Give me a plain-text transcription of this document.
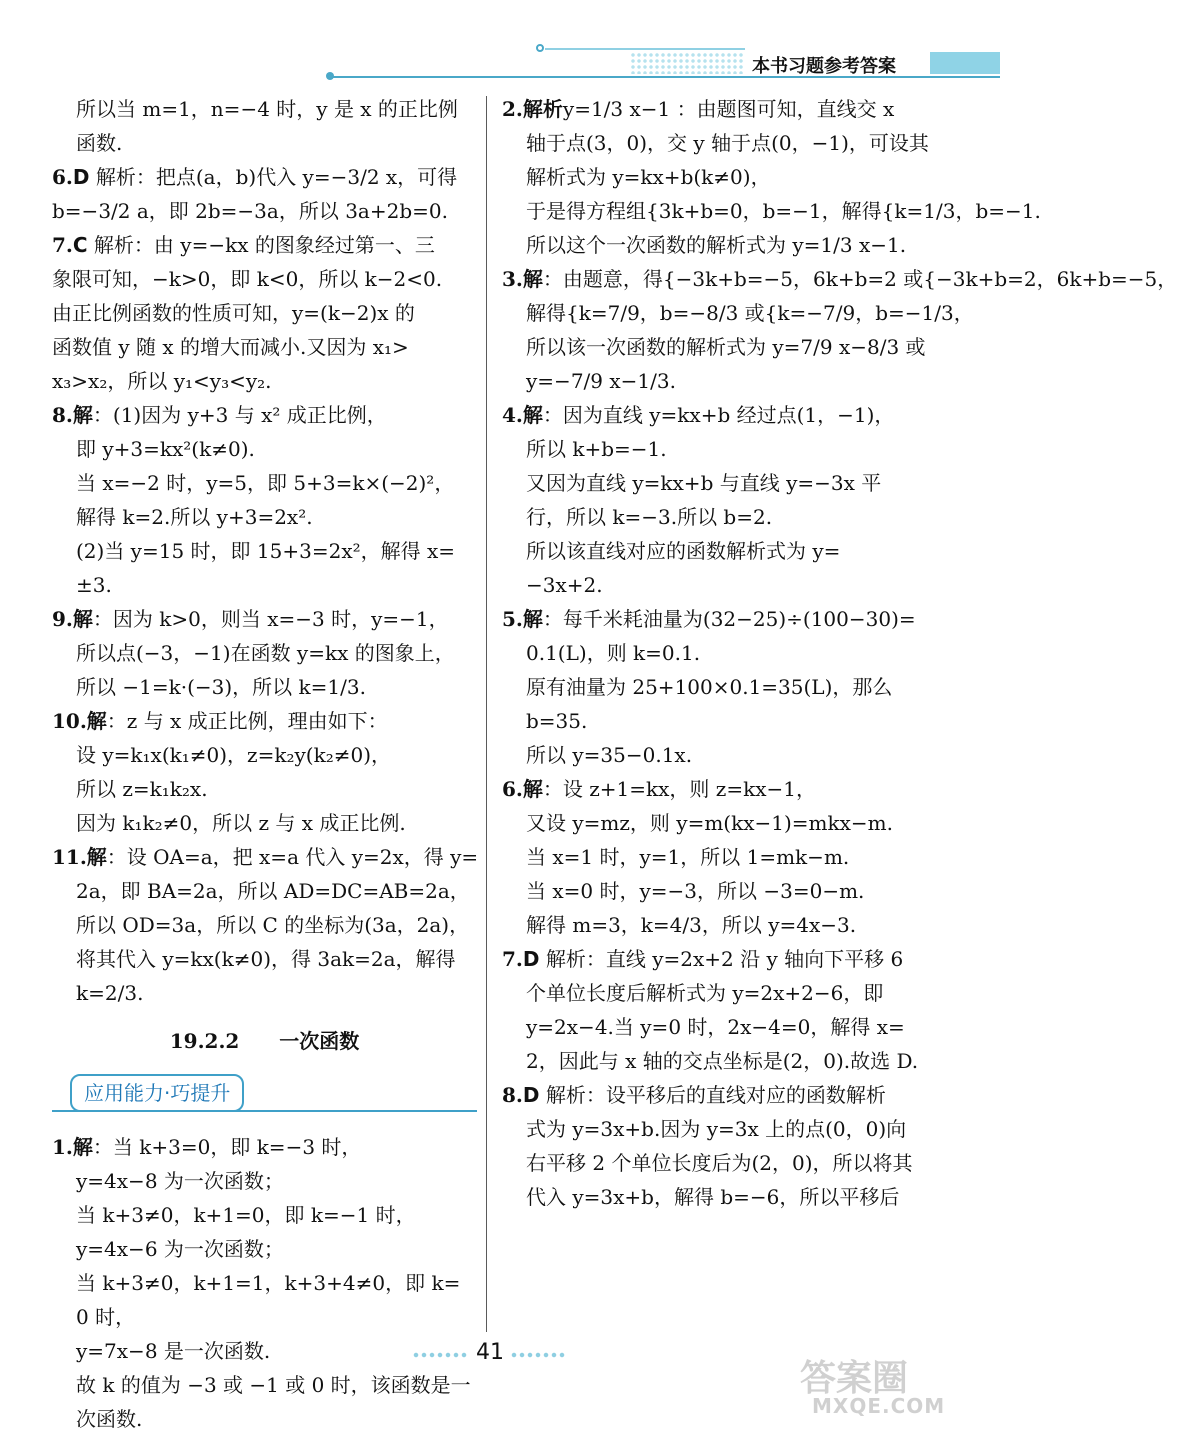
本书习题参考答案
所以当 m=1，n=−4 时，y 是 x 的正比例
函数.
6.D 解析：把点(a，b)代入 y=−3/2 x，可得
b=−3/2 a，即 2b=−3a，所以 3a+2b=0.
7.C 解析：由 y=−kx 的图象经过第一、三
象限可知，−k>0，即 k<0，所以 k−2<0.
由正比例函数的性质可知，y=(k−2)x 的
函数值 y 随 x 的增大而减小.又因为 x₁>
x₃>x₂，所以 y₁<y₃<y₂.
8.解：(1)因为 y+3 与 x² 成正比例，
即 y+3=kx²(k≠0).
当 x=−2 时，y=5，即 5+3=k×(−2)²，
解得 k=2.所以 y+3=2x².
(2)当 y=15 时，即 15+3=2x²，解得 x=
±3.
9.解：因为 k>0，则当 x=−3 时，y=−1，
所以点(−3，−1)在函数 y=kx 的图象上，
所以 −1=k·(−3)，所以 k=1/3.
10.解：z 与 x 成正比例，理由如下：
设 y=k₁x(k₁≠0)，z=k₂y(k₂≠0)，
所以 z=k₁k₂x.
因为 k₁k₂≠0，所以 z 与 x 成正比例.
11.解：设 OA=a，把 x=a 代入 y=2x，得 y=
2a，即 BA=2a，所以 AD=DC=AB=2a，
所以 OD=3a，所以 C 的坐标为(3a，2a)，
将其代入 y=kx(k≠0)，得 3ak=2a，解得
k=2/3.
19.2.2 一次函数
应用能力·巧提升
1.解：当 k+3=0，即 k=−3 时，
y=4x−8 为一次函数；
当 k+3≠0，k+1=0，即 k=−1 时，
y=4x−6 为一次函数；
当 k+3≠0，k+1=1，k+3+4≠0，即 k=
0 时，
y=7x−8 是一次函数.
故 k 的值为 −3 或 −1 或 0 时，该函数是一
次函数.
2.解析y=1/3 x−1 ：由题图可知，直线交 x
轴于点(3，0)，交 y 轴于点(0，−1)，可设其
解析式为 y=kx+b(k≠0)，
于是得方程组{3k+b=0，b=−1，解得{k=1/3，b=−1.
所以这个一次函数的解析式为 y=1/3 x−1.
3.解：由题意，得{−3k+b=−5，6k+b=2 或{−3k+b=2，6k+b=−5，
解得{k=7/9，b=−8/3 或{k=−7/9，b=−1/3，
所以该一次函数的解析式为 y=7/9 x−8/3 或
y=−7/9 x−1/3.
4.解：因为直线 y=kx+b 经过点(1，−1)，
所以 k+b=−1.
又因为直线 y=kx+b 与直线 y=−3x 平
行，所以 k=−3.所以 b=2.
所以该直线对应的函数解析式为 y=
−3x+2.
5.解：每千米耗油量为(32−25)÷(100−30)=
0.1(L)，则 k=0.1.
原有油量为 25+100×0.1=35(L)，那么
b=35.
所以 y=35−0.1x.
6.解：设 z+1=kx，则 z=kx−1，
又设 y=mz，则 y=m(kx−1)=mkx−m.
当 x=1 时，y=1，所以 1=mk−m.
当 x=0 时，y=−3，所以 −3=0−m.
解得 m=3，k=4/3，所以 y=4x−3.
7.D 解析：直线 y=2x+2 沿 y 轴向下平移 6
个单位长度后解析式为 y=2x+2−6，即
y=2x−4.当 y=0 时，2x−4=0，解得 x=
2，因此与 x 轴的交点坐标是(2，0).故选 D.
8.D 解析：设平移后的直线对应的函数解析
式为 y=3x+b.因为 y=3x 上的点(0，0)向
右平移 2 个单位长度后为(2，0)，所以将其
代入 y=3x+b，解得 b=−6，所以平移后
41
答案圈
MXQE.COM
